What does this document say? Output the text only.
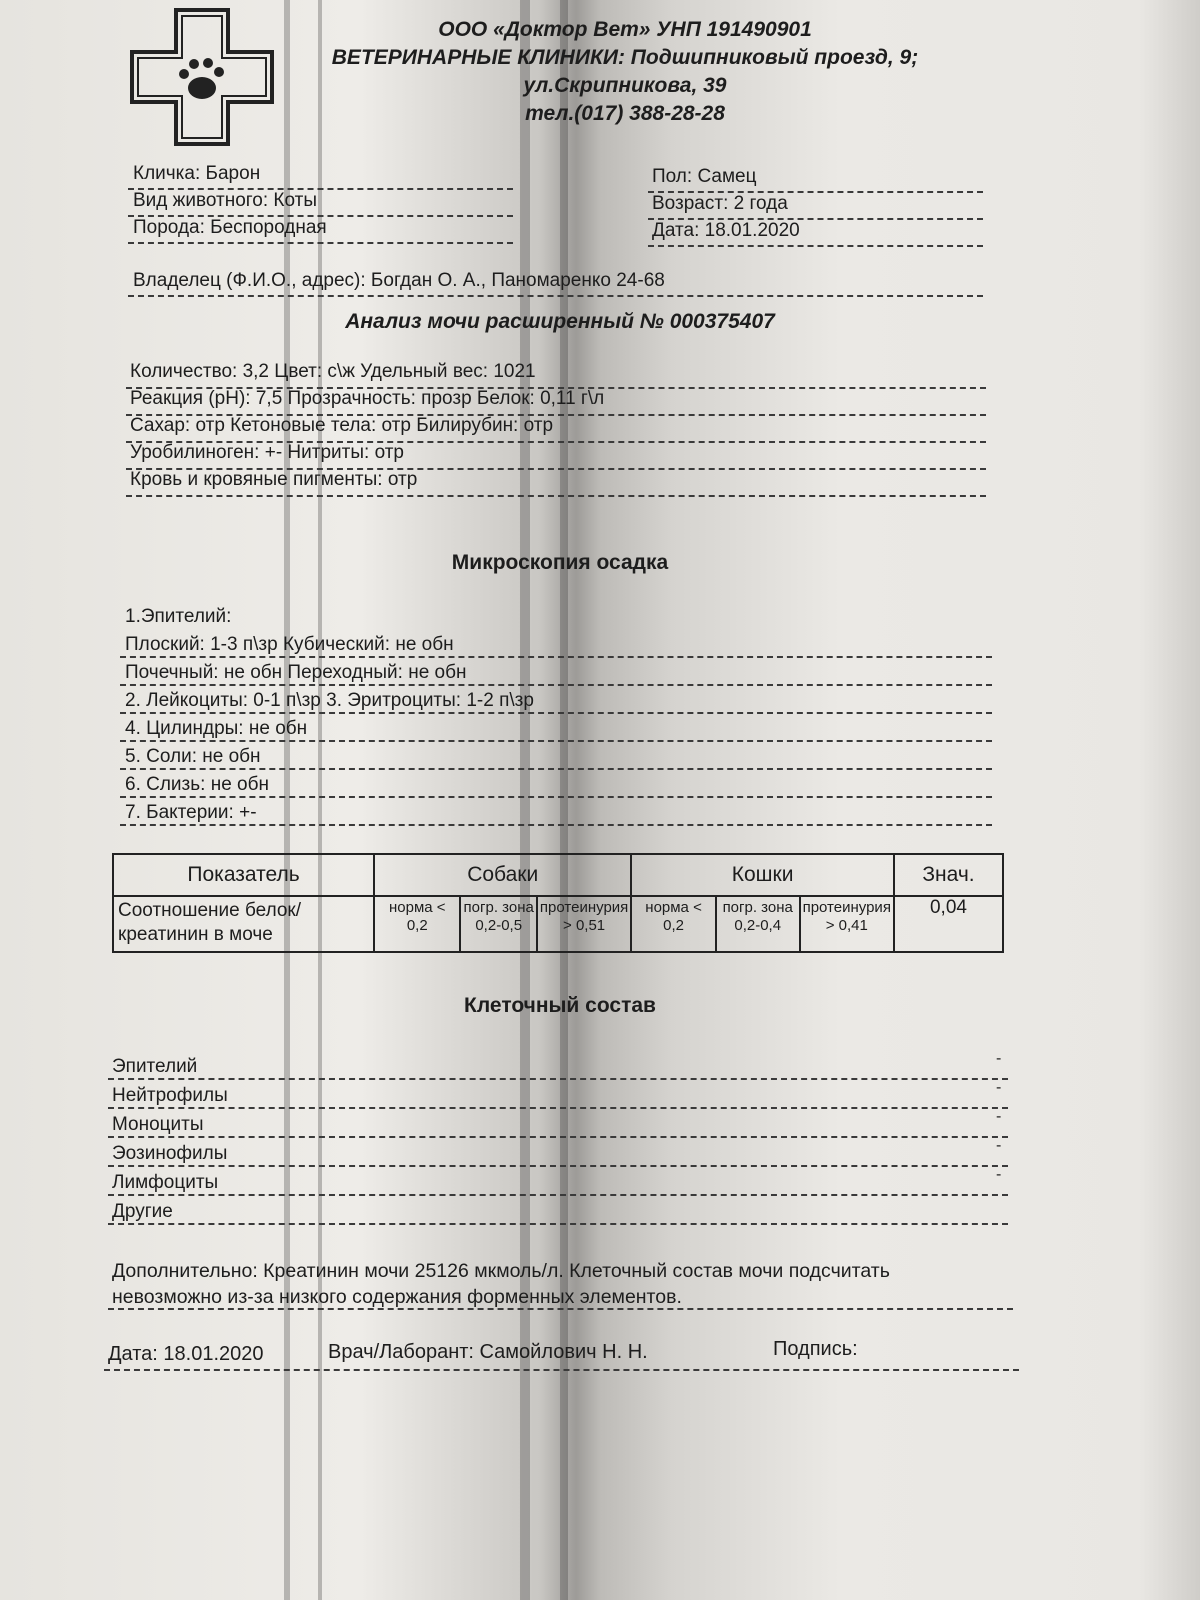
ООО «Доктор Вет» УНП 191490901
ВЕТЕРИНАРНЫЕ КЛИНИКИ: Подшипниковый проезд, 9;
ул.Скрипникова, 39
тел.(017) 388-28-28
Кличка: Барон
Вид животного: Коты
Порода: Беспородная
Пол: Самец
Возраст: 2 года
Дата: 18.01.2020
Владелец (Ф.И.О., адрес): Богдан О. А., Паномаренко 24-68
Анализ мочи расширенный № 000375407
Количество: 3,2 Цвет: с\ж Удельный вес: 1021
Реакция (рН): 7,5 Прозрачность: прозр Белок: 0,11 г\л
Сахар: отр Кетоновые тела: отр Билирубин: отр
Уробилиноген: +- Нитриты: отр
Кровь и кровяные пигменты: отр
Микроскопия осадка
1.Эпителий:
Плоский: 1-3 п\зр Кубический: не обн
Почечный: не обн Переходный: не обн
2. Лейкоциты: 0-1 п\зр 3. Эритроциты: 1-2 п\зр
4. Цилиндры: не обн
5. Соли: не обн
6. Слизь: не обн
7. Бактерии: +-
Показатель	Собаки			Кошки			Знач.
Соотношение белок/креатинин в моче	норма < 0,2	погр. зона 0,2-0,5	протеинурия > 0,51	норма < 0,2	погр. зона 0,2-0,4	протеинурия > 0,41	0,04
Клеточный состав
Эпителий	-
Нейтрофилы	-
Моноциты	-
Эозинофилы	-
Лимфоциты	-
Другие
Дополнительно: Креатинин мочи 25126 мкмоль/л. Клеточный состав мочи подсчитать
невозможно из-за низкого содержания форменных элементов.
Дата: 18.01.2020	Врач/Лаборант: Самойлович Н. Н.	Подпись:
